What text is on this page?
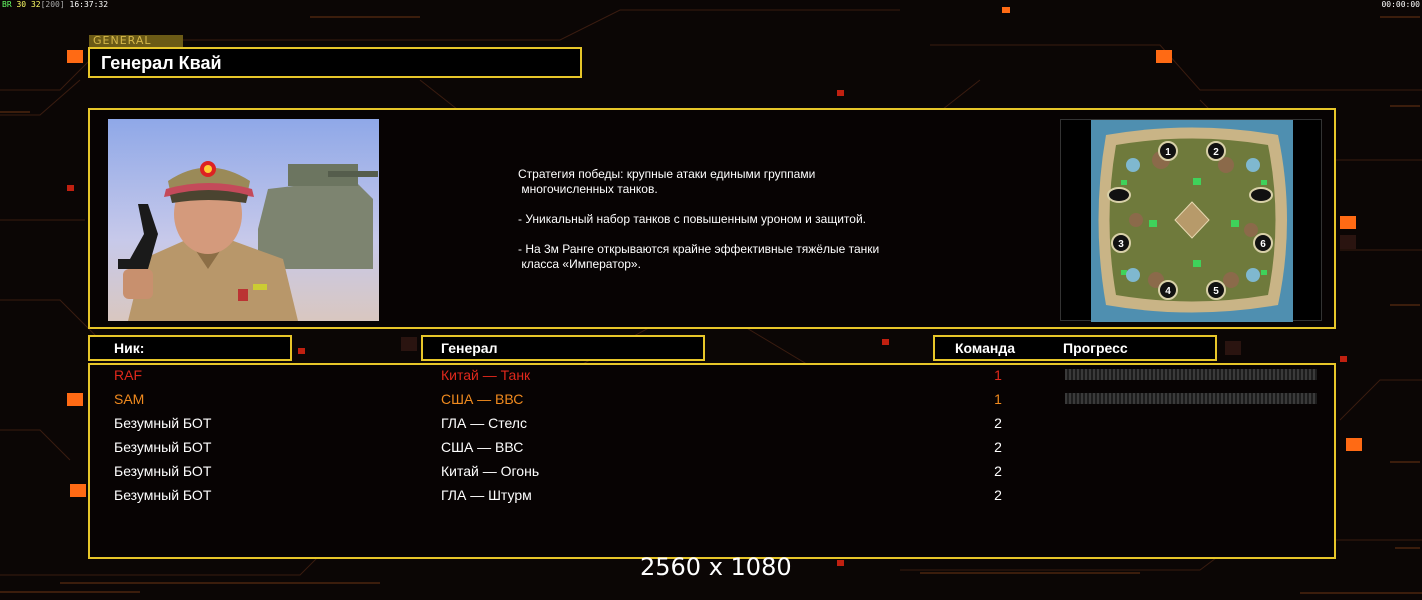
BR 30 32[200] 16:37:32	00:00:00
GENERAL
Генерал Квай

Стратегия победы: крупные атаки едиными группами

многочисленных танков.

- Уникальный набор танков с повышенным уроном и защитой.

- На 3м Ранге открываются крайне эффективные тяжёлые танки

класса «Император».

1	2
3	6
4	5
Ник:	Генерал	Команда	Прогресс
RAF	Китай — Танк	1
SAM	США — ВВС	1
Безумный БОТ	ГЛА — Стелс	2
Безумный БОТ	США — ВВС	2
Безумный БОТ	Китай — Огонь	2
Безумный БОТ	ГЛА — Штурм	2
2560 x 1080
